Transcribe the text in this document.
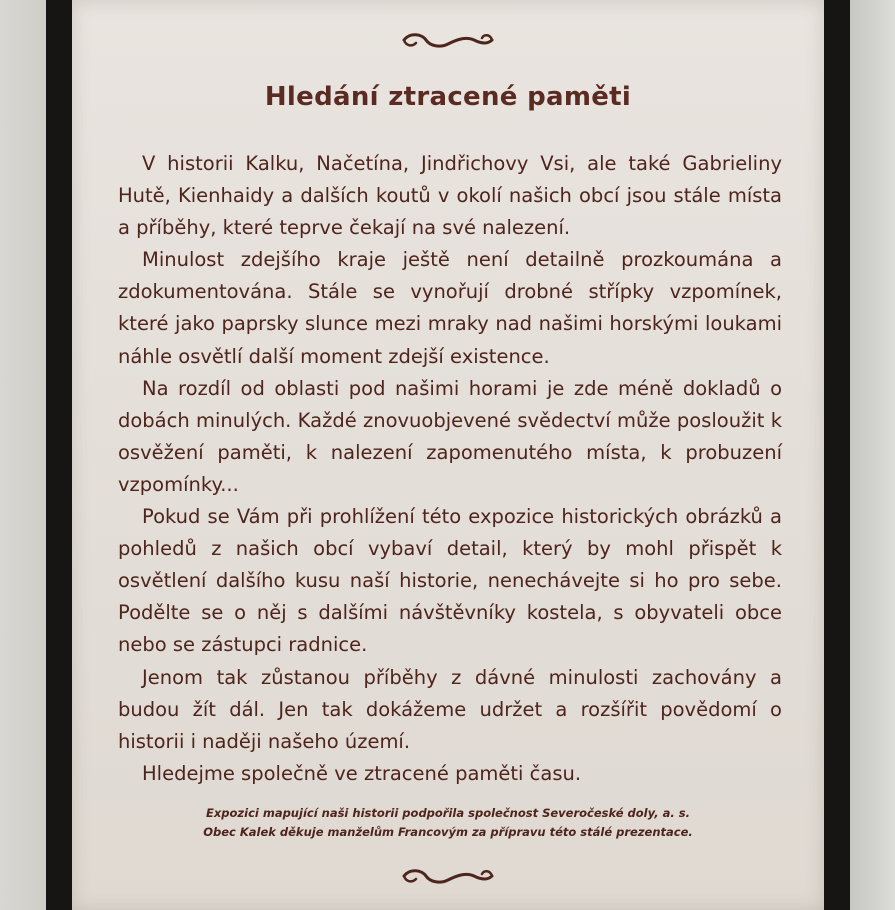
Hledání ztracené paměti

V historii Kalku, Načetína, Jindřichovy Vsi, ale také Gabrieliny Hutě, Kienhaidy a dalších koutů v okolí našich obcí jsou stále místa a příběhy, které teprve čekají na své nalezení.

Minulost zdejšího kraje ještě není detailně prozkoumána a zdokumentována. Stále se vynořují drobné střípky vzpomínek, které jako paprsky slunce mezi mraky nad našimi horskými loukami náhle osvětlí další moment zdejší existence.

Na rozdíl od oblasti pod našimi horami je zde méně dokladů o dobách minulých. Každé znovuobjevené svědectví může posloužit k osvěžení paměti, k nalezení zapomenutého místa, k probuzení vzpomínky...

Pokud se Vám při prohlížení této expozice historických obrázků a pohledů z našich obcí vybaví detail, který by mohl přispět k osvětlení dalšího kusu naší historie, nenechávejte si ho pro sebe. Podělte se o něj s dalšími návštěvníky kostela, s obyvateli obce nebo se zástupci radnice.

Jenom tak zůstanou příběhy z dávné minulosti zachovány a budou žít dál. Jen tak dokážeme udržet a rozšířit povědomí o historii i naději našeho území.

Hledejme společně ve ztracené paměti času.

Expozici mapující naši historii podpořila společnost Severočeské doly, a. s.
Obec Kalek děkuje manželům Francovým za přípravu této stálé prezentace.
